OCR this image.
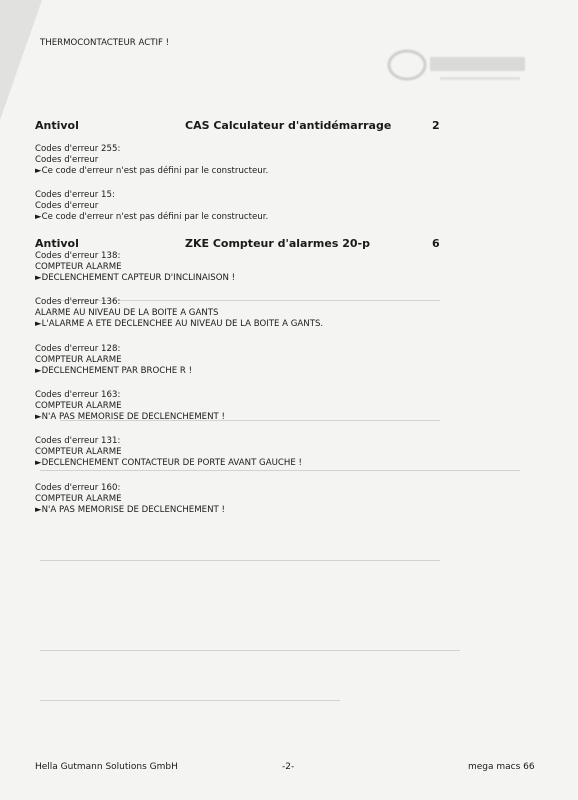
THERMOCONTACTEUR ACTIF !
Antivol	CAS Calculateur d'antidémarrage	2
Codes d'erreur 255:
Codes d'erreur
►Ce code d'erreur n'est pas défini par le constructeur.
Codes d'erreur 15:
Codes d'erreur
►Ce code d'erreur n'est pas défini par le constructeur.
Antivol	ZKE Compteur d'alarmes 20-p	6
Codes d'erreur 138:
COMPTEUR ALARME
►DECLENCHEMENT CAPTEUR D'INCLINAISON !
Codes d'erreur 136:
ALARME AU NIVEAU DE LA BOITE A GANTS
►L'ALARME A ETE DECLENCHEE AU NIVEAU DE LA BOITE A GANTS.
Codes d'erreur 128:
COMPTEUR ALARME
►DECLENCHEMENT PAR BROCHE R !
Codes d'erreur 163:
COMPTEUR ALARME
►N'A PAS MEMORISE DE DECLENCHEMENT !
Codes d'erreur 131:
COMPTEUR ALARME
►DECLENCHEMENT CONTACTEUR DE PORTE AVANT GAUCHE !
Codes d'erreur 160:
COMPTEUR ALARME
►N'A PAS MEMORISE DE DECLENCHEMENT !
Hella Gutmann Solutions GmbH	-2-	mega macs 66
